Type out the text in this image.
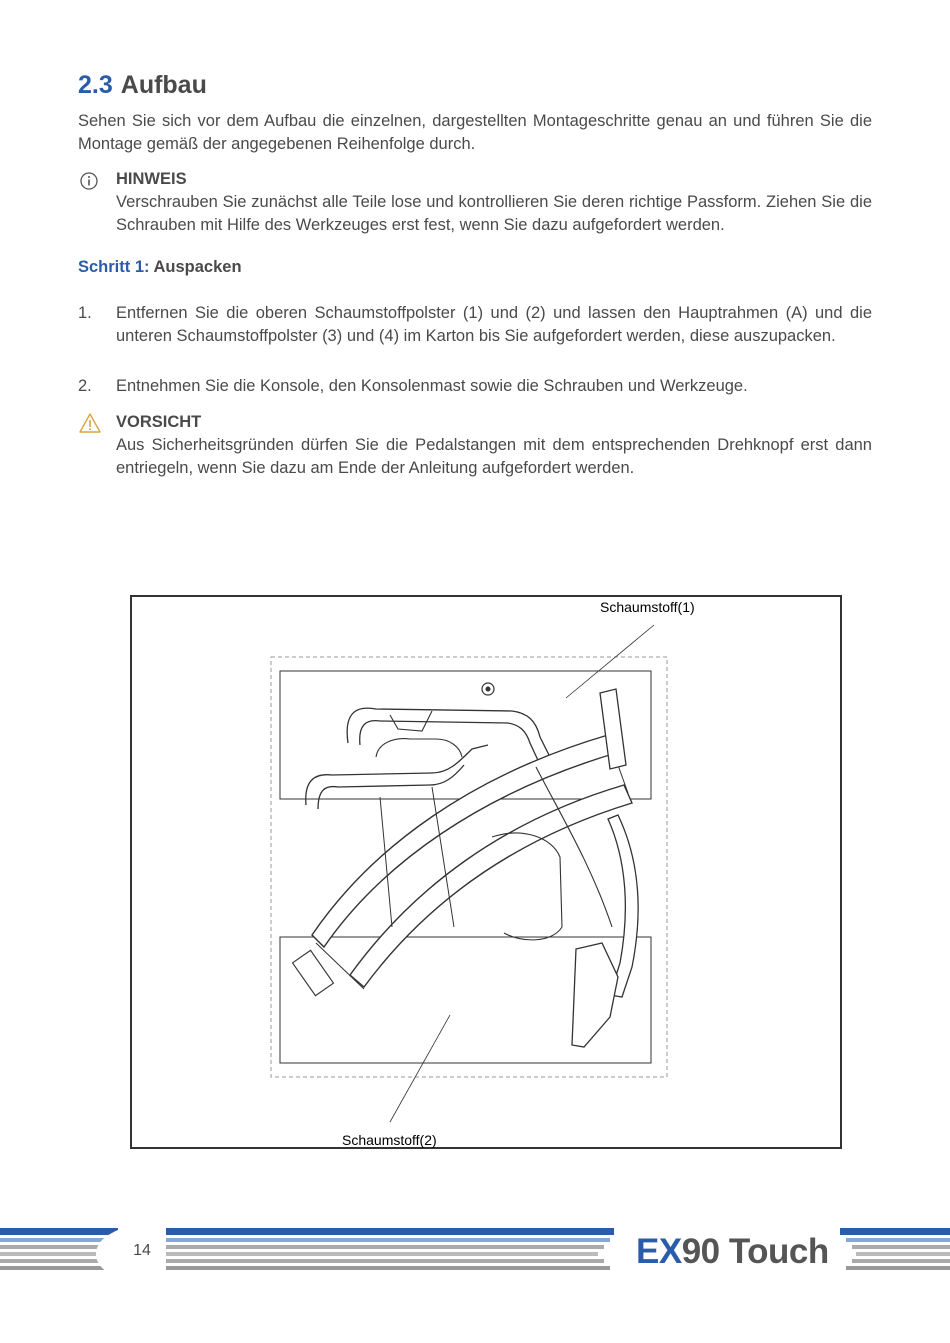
2.3 Aufbau

Sehen Sie sich vor dem Aufbau die einzelnen, dargestellten Montageschritte genau an und führen Sie die Montage gemäß der angegebenen Reihenfolge durch.

HINWEIS

Verschrauben Sie zunächst alle Teile lose und kontrollieren Sie deren richtige Passform. Ziehen Sie die Schrauben mit Hilfe des Werkzeuges erst fest, wenn Sie dazu aufgefordert werden.

Schritt 1: Auspacken

1. Entfernen Sie die oberen Schaumstoffpolster (1) und (2) und lassen den Hauptrahmen (A) und die unteren Schaumstoffpolster (3) und (4) im Karton bis Sie aufgefordert werden, diese auszupacken.

2. Entnehmen Sie die Konsole, den Konsolenmast sowie die Schrauben und Werkzeuge.

VORSICHT

Aus Sicherheitsgründen dürfen Sie die Pedalstangen mit dem entsprechenden Drehknopf erst dann entriegeln, wenn Sie dazu am Ende der Anleitung aufgefordert werden.

Schaumstoff(1)
Schaumstoff(2)
14	EX90 Touch
